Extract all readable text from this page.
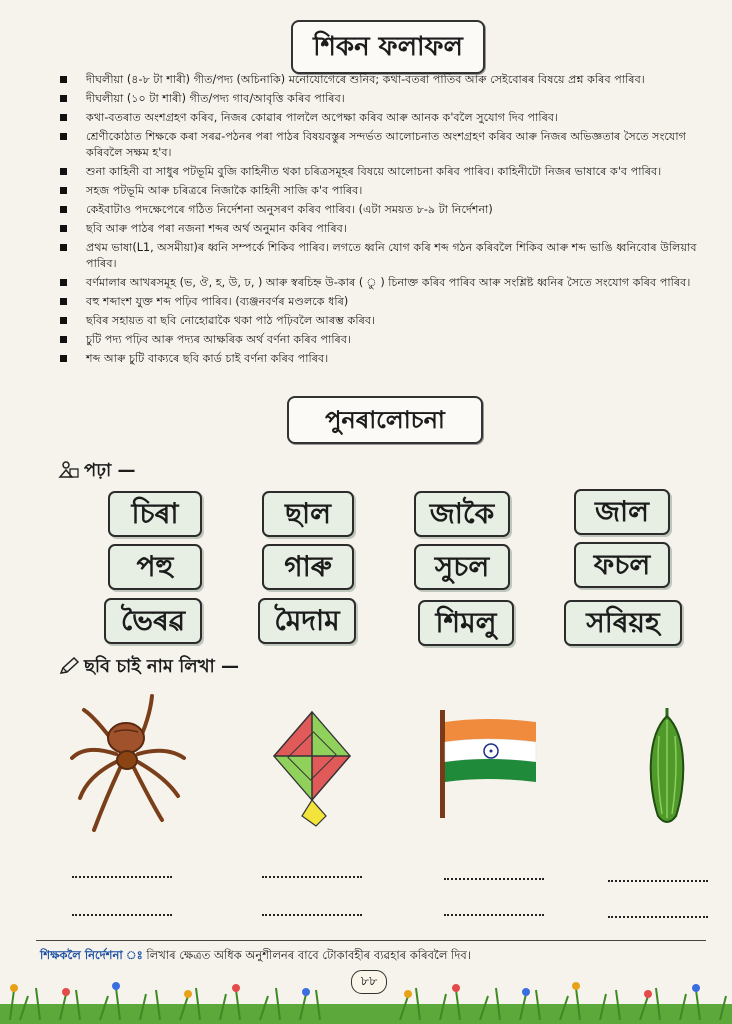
শিকন ফলাফল
দীঘলীয়া (৪-৮ টা শাৰী) গীত/পদ্য (অচিনাকি) মনোযোগেৰে শুনিব; কথা-বতৰা পাতিব আৰু সেইবোৰৰ বিষয়ে প্ৰশ্ন কৰিব পাৰিব।
দীঘলীয়া (১০ টা শাৰী) গীত/পদ্য গাব/আবৃত্তি কৰিব পাৰিব।
কথা-বতৰাত অংশগ্ৰহণ কৰিব, নিজৰ কোৱাৰ পাললৈ অপেক্ষা কৰিব আৰু আনক ক'বলৈ সুযোগ দিব পাৰিব।
শ্ৰেণীকোঠাত শিক্ষকে কৰা সৰৱ-পঠনৰ পৰা পাঠৰ বিষয়বস্তুৰ সন্দৰ্ভত আলোচনাত অংশগ্ৰহণ কৰিব আৰু নিজৰ অভিজ্ঞতাৰ সৈতে সংযোগ কৰিবলৈ সক্ষম হ'ব।
শুনা কাহিনী বা সাধুৰ পটভূমি বুজি কাহিনীত থকা চৰিত্ৰসমূহৰ বিষয়ে আলোচনা কৰিব পাৰিব। কাহিনীটো নিজৰ ভাষাৰে ক'ব পাৰিব।
সহজ পটভূমি আৰু চৰিত্ৰৰে নিজাকৈ কাহিনী সাজি ক'ব পাৰিব।
কেইবাটাও পদক্ষেপেৰে গঠিত নিৰ্দেশনা অনুসৰণ কৰিব পাৰিব। (এটা সময়ত ৮-৯ টা নিৰ্দেশনা)
ছবি আৰু পাঠৰ পৰা নজনা শব্দৰ অৰ্থ অনুমান কৰিব পাৰিব।
প্ৰথম ভাষা(L1, অসমীয়া)ৰ ধ্বনি সম্পৰ্কে শিকিব পাৰিব। লগতে ধ্বনি যোগ কৰি শব্দ গঠন কৰিবলৈ শিকিব আৰু শব্দ ভাঙি ধ্বনিবোৰ উলিয়াব পাৰিব।
বৰ্ণমালাৰ আখৰসমূহ (ভ, ঔ, হ, উ, ঢ, ) আৰু স্বৰচিহ্ন উ-কাৰ ( ু ) চিনাক্ত কৰিব পাৰিব আৰু সংশ্লিষ্ট ধ্বনিৰ সৈতে সংযোগ কৰিব পাৰিব।
বহু শব্দাংশ যুক্ত শব্দ পঢ়িব পাৰিব। (ব্যঞ্জনবৰ্ণৰ মণ্ডলকে ধৰি)
ছবিৰ সহায়ত বা ছবি নোহোৱাকৈ থকা পাঠ পঢ়িবলৈ আৰম্ভ কৰিব।
চুটি পদ্য পঢ়িব আৰু পদ্যৰ আক্ষৰিক অৰ্থ বৰ্ণনা কৰিব পাৰিব।
শব্দ আৰু চুটি বাক্যৰে ছবি কাৰ্ড চাই বৰ্ণনা কৰিব পাৰিব।
পুনৰালোচনা
পঢ়া —
চিৰা	ছাল	জাকৈ	জাল
পহু	গাৰু	সুচল	ফচল
ভৈৰৱ	মৈদাম	শিমলু	সৰিয়হ
ছবি চাই নাম লিখা —
শিক্ষকলৈ নিৰ্দেশনা ঃ লিখাৰ ক্ষেত্ৰত অধিক অনুশীলনৰ বাবে টোকাবহীৰ ব্যৱহাৰ কৰিবলৈ দিব।
৮৮
